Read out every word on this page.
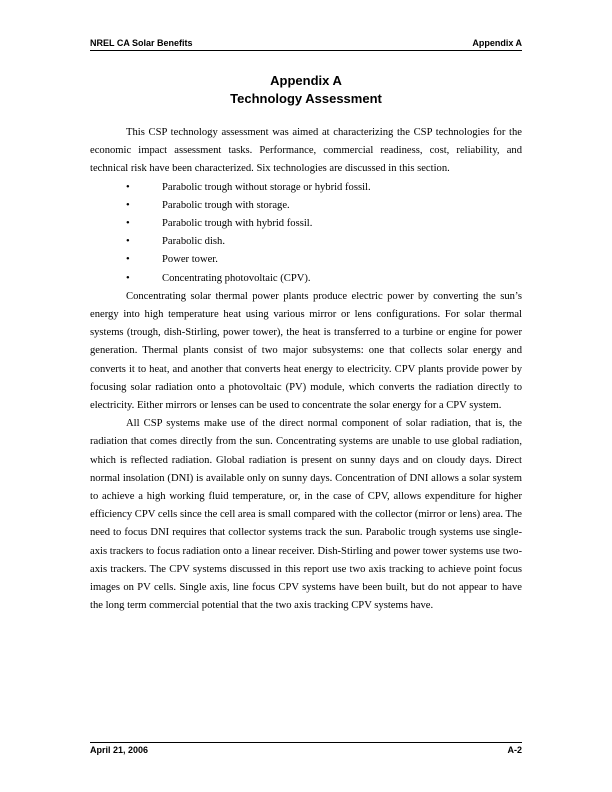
NREL CA Solar Benefits	Appendix A
Appendix A
Technology Assessment

This CSP technology assessment was aimed at characterizing the CSP technologies for the economic impact assessment tasks. Performance, commercial readiness, cost, reliability, and technical risk have been characterized. Six technologies are discussed in this section.

•	Parabolic trough without storage or hybrid fossil.
•	Parabolic trough with storage.
•	Parabolic trough with hybrid fossil.
•	Parabolic dish.
•	Power tower.
•	Concentrating photovoltaic (CPV).

Concentrating solar thermal power plants produce electric power by converting the sun’s energy into high temperature heat using various mirror or lens configurations. For solar thermal systems (trough, dish-Stirling, power tower), the heat is transferred to a turbine or engine for power generation. Thermal plants consist of two major subsystems: one that collects solar energy and converts it to heat, and another that converts heat energy to electricity. CPV plants provide power by focusing solar radiation onto a photovoltaic (PV) module, which converts the radiation directly to electricity. Either mirrors or lenses can be used to concentrate the solar energy for a CPV system.

All CSP systems make use of the direct normal component of solar radiation, that is, the radiation that comes directly from the sun. Concentrating systems are unable to use global radiation, which is reflected radiation. Global radiation is present on sunny days and on cloudy days. Direct normal insolation (DNI) is available only on sunny days. Concentration of DNI allows a solar system to achieve a high working fluid temperature, or, in the case of CPV, allows expenditure for higher efficiency CPV cells since the cell area is small compared with the collector (mirror or lens) area. The need to focus DNI requires that collector systems track the sun. Parabolic trough systems use single-axis trackers to focus radiation onto a linear receiver. Dish-Stirling and power tower systems use two-axis trackers. The CPV systems discussed in this report use two axis tracking to achieve point focus images on PV cells. Single axis, line focus CPV systems have been built, but do not appear to have the long term commercial potential that the two axis tracking CPV systems have.

April 21, 2006	A-2
